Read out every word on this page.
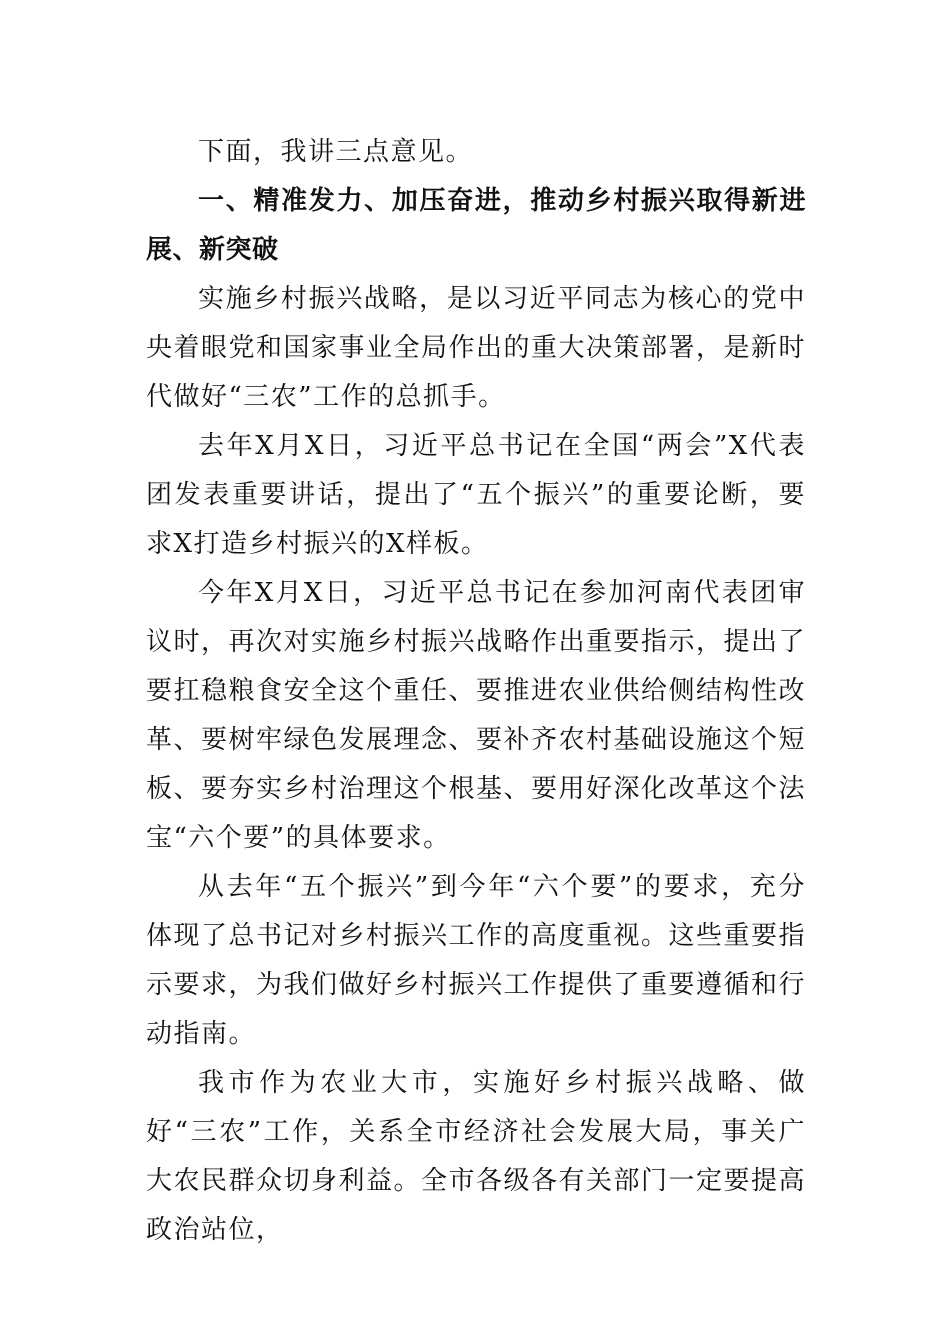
下面，我讲三点意见。

一、精准发力、加压奋进，推动乡村振兴取得新进展、新突破

实施乡村振兴战略，是以习近平同志为核心的党中央着眼党和国家事业全局作出的重大决策部署，是新时代做好“三农”工作的总抓手。

去年X月X日，习近平总书记在全国“两会”X代表团发表重要讲话，提出了“五个振兴”的重要论断，要求X打造乡村振兴的X样板。

今年X月X日，习近平总书记在参加河南代表团审议时，再次对实施乡村振兴战略作出重要指示，提出了要扛稳粮食安全这个重任、要推进农业供给侧结构性改革、要树牢绿色发展理念、要补齐农村基础设施这个短板、要夯实乡村治理这个根基、要用好深化改革这个法宝“六个要”的具体要求。

从去年“五个振兴”到今年“六个要”的要求，充分体现了总书记对乡村振兴工作的高度重视。这些重要指示要求，为我们做好乡村振兴工作提供了重要遵循和行动指南。

我市作为农业大市，实施好乡村振兴战略、做好“三农”工作，关系全市经济社会发展大局，事关广大农民群众切身利益。全市各级各有关部门一定要提高政治站位，
